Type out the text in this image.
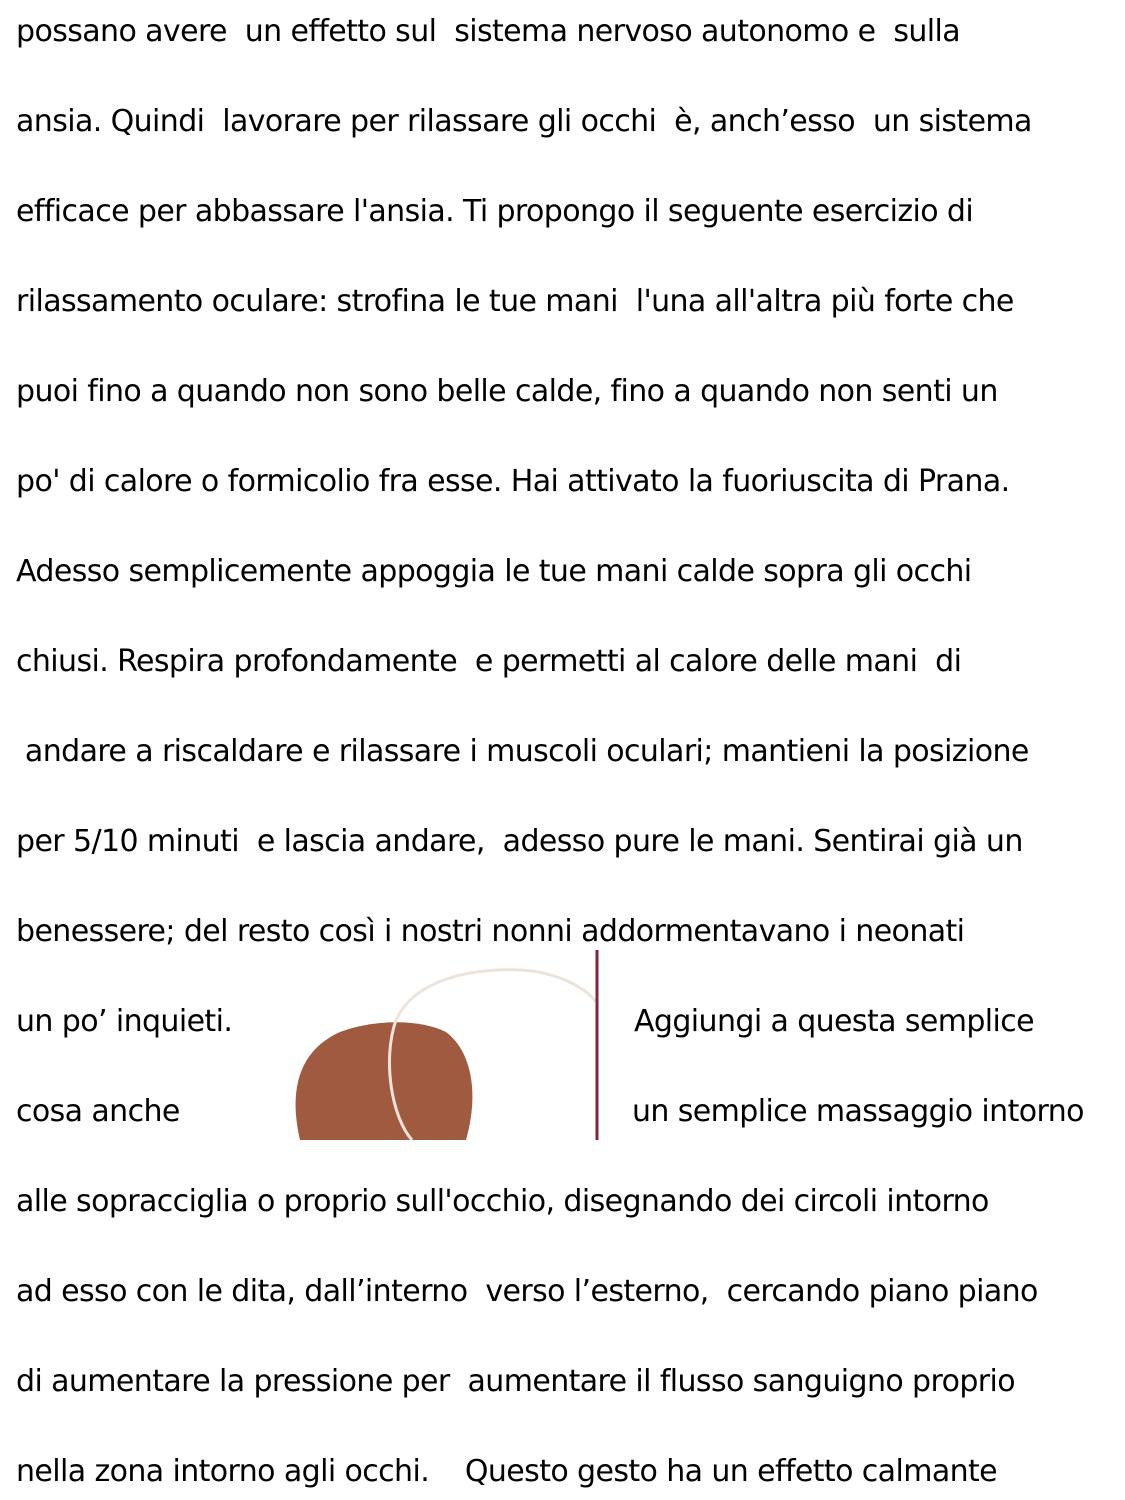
possano avere  un effetto sul  sistema nervoso autonomo e  sulla

ansia. Quindi  lavorare per rilassare gli occhi  è, anch’esso  un sistema

efficace per abbassare l'ansia. Ti propongo il seguente esercizio di

rilassamento oculare: strofina le tue mani  l'una all'altra più forte che

puoi fino a quando non sono belle calde, fino a quando non senti un

po' di calore o formicolio fra esse. Hai attivato la fuoriuscita di Prana.

Adesso semplicemente appoggia le tue mani calde sopra gli occhi

chiusi. Respira profondamente  e permetti al calore delle mani  di

andare a riscaldare e rilassare i muscoli oculari; mantieni la posizione

per 5/10 minuti  e lascia andare,  adesso pure le mani. Sentirai già un

benessere; del resto così i nostri nonni addormentavano i neonati

un po’ inquieti.	Aggiungi a questa semplice

cosa anche	un semplice massaggio intorno

alle sopracciglia o proprio sull'occhio, disegnando dei circoli intorno

ad esso con le dita, dall’interno  verso l’esterno,  cercando piano piano

di aumentare la pressione per  aumentare il flusso sanguigno proprio

nella zona intorno agli occhi.    Questo gesto ha un effetto calmante
